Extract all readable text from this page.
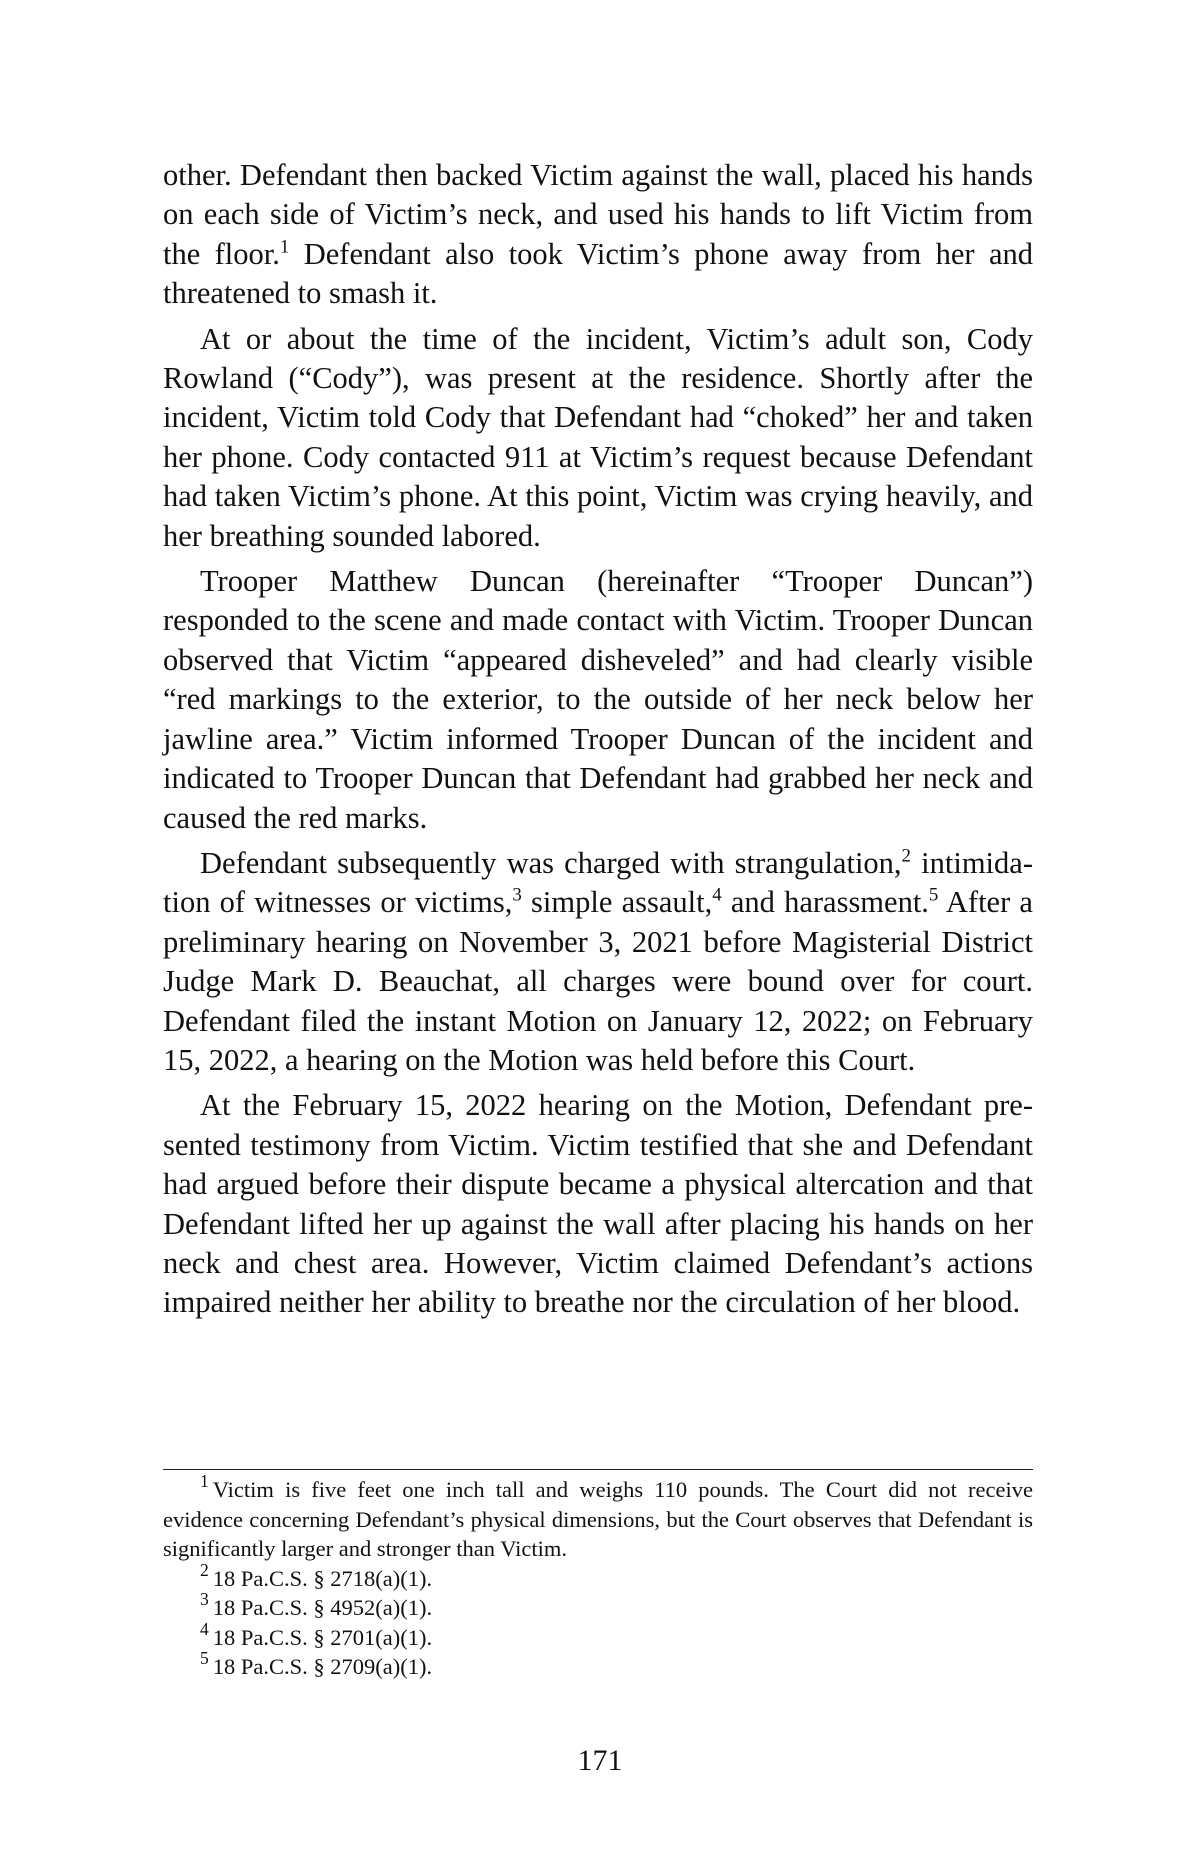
other. Defendant then backed Victim against the wall, placed his hands on each side of Victim’s neck, and used his hands to lift Victim from the floor.$^1$ Defendant also took Victim’s phone away from her and threatened to smash it.

At or about the time of the incident, Victim’s adult son, Cody Rowland (“Cody”), was present at the residence. Shortly after the incident, Victim told Cody that Defendant had “choked” her and taken her phone. Cody contacted 911 at Victim’s request because Defendant had taken Victim’s phone. At this point, Victim was crying heavily, and her breathing sounded labored.

Trooper Matthew Duncan (hereinafter “Trooper Duncan”) responded to the scene and made contact with Victim. Trooper Duncan observed that Victim “appeared disheveled” and had clearly visible “red markings to the exterior, to the outside of her neck below her jawline area.” Victim informed Trooper Duncan of the incident and indicated to Trooper Duncan that Defendant had grabbed her neck and caused the red marks.

Defendant subsequently was charged with strangulation,$^2$ intimidation of witnesses or victims,$^3$ simple assault,$^4$ and harassment.$^5$ After a preliminary hearing on November 3, 2021 before Magisterial District Judge Mark D. Beauchat, all charges were bound over for court. Defendant filed the instant Motion on January 12, 2022; on February 15, 2022, a hearing on the Motion was held before this Court.

At the February 15, 2022 hearing on the Motion, Defendant presented testimony from Victim. Victim testified that she and Defendant had argued before their dispute became a physical altercation and that Defendant lifted her up against the wall after placing his hands on her neck and chest area. However, Victim claimed Defendant’s actions impaired neither her ability to breathe nor the circulation of her blood.

$^1$ Victim is five feet one inch tall and weighs 110 pounds. The Court did not receive evidence concerning Defendant’s physical dimensions, but the Court observes that Defendant is significantly larger and stronger than Victim.

$^2$ 18 Pa.C.S. § 2718(a)(1).

$^3$ 18 Pa.C.S. § 4952(a)(1).

$^4$ 18 Pa.C.S. § 2701(a)(1).

$^5$ 18 Pa.C.S. § 2709(a)(1).

171
